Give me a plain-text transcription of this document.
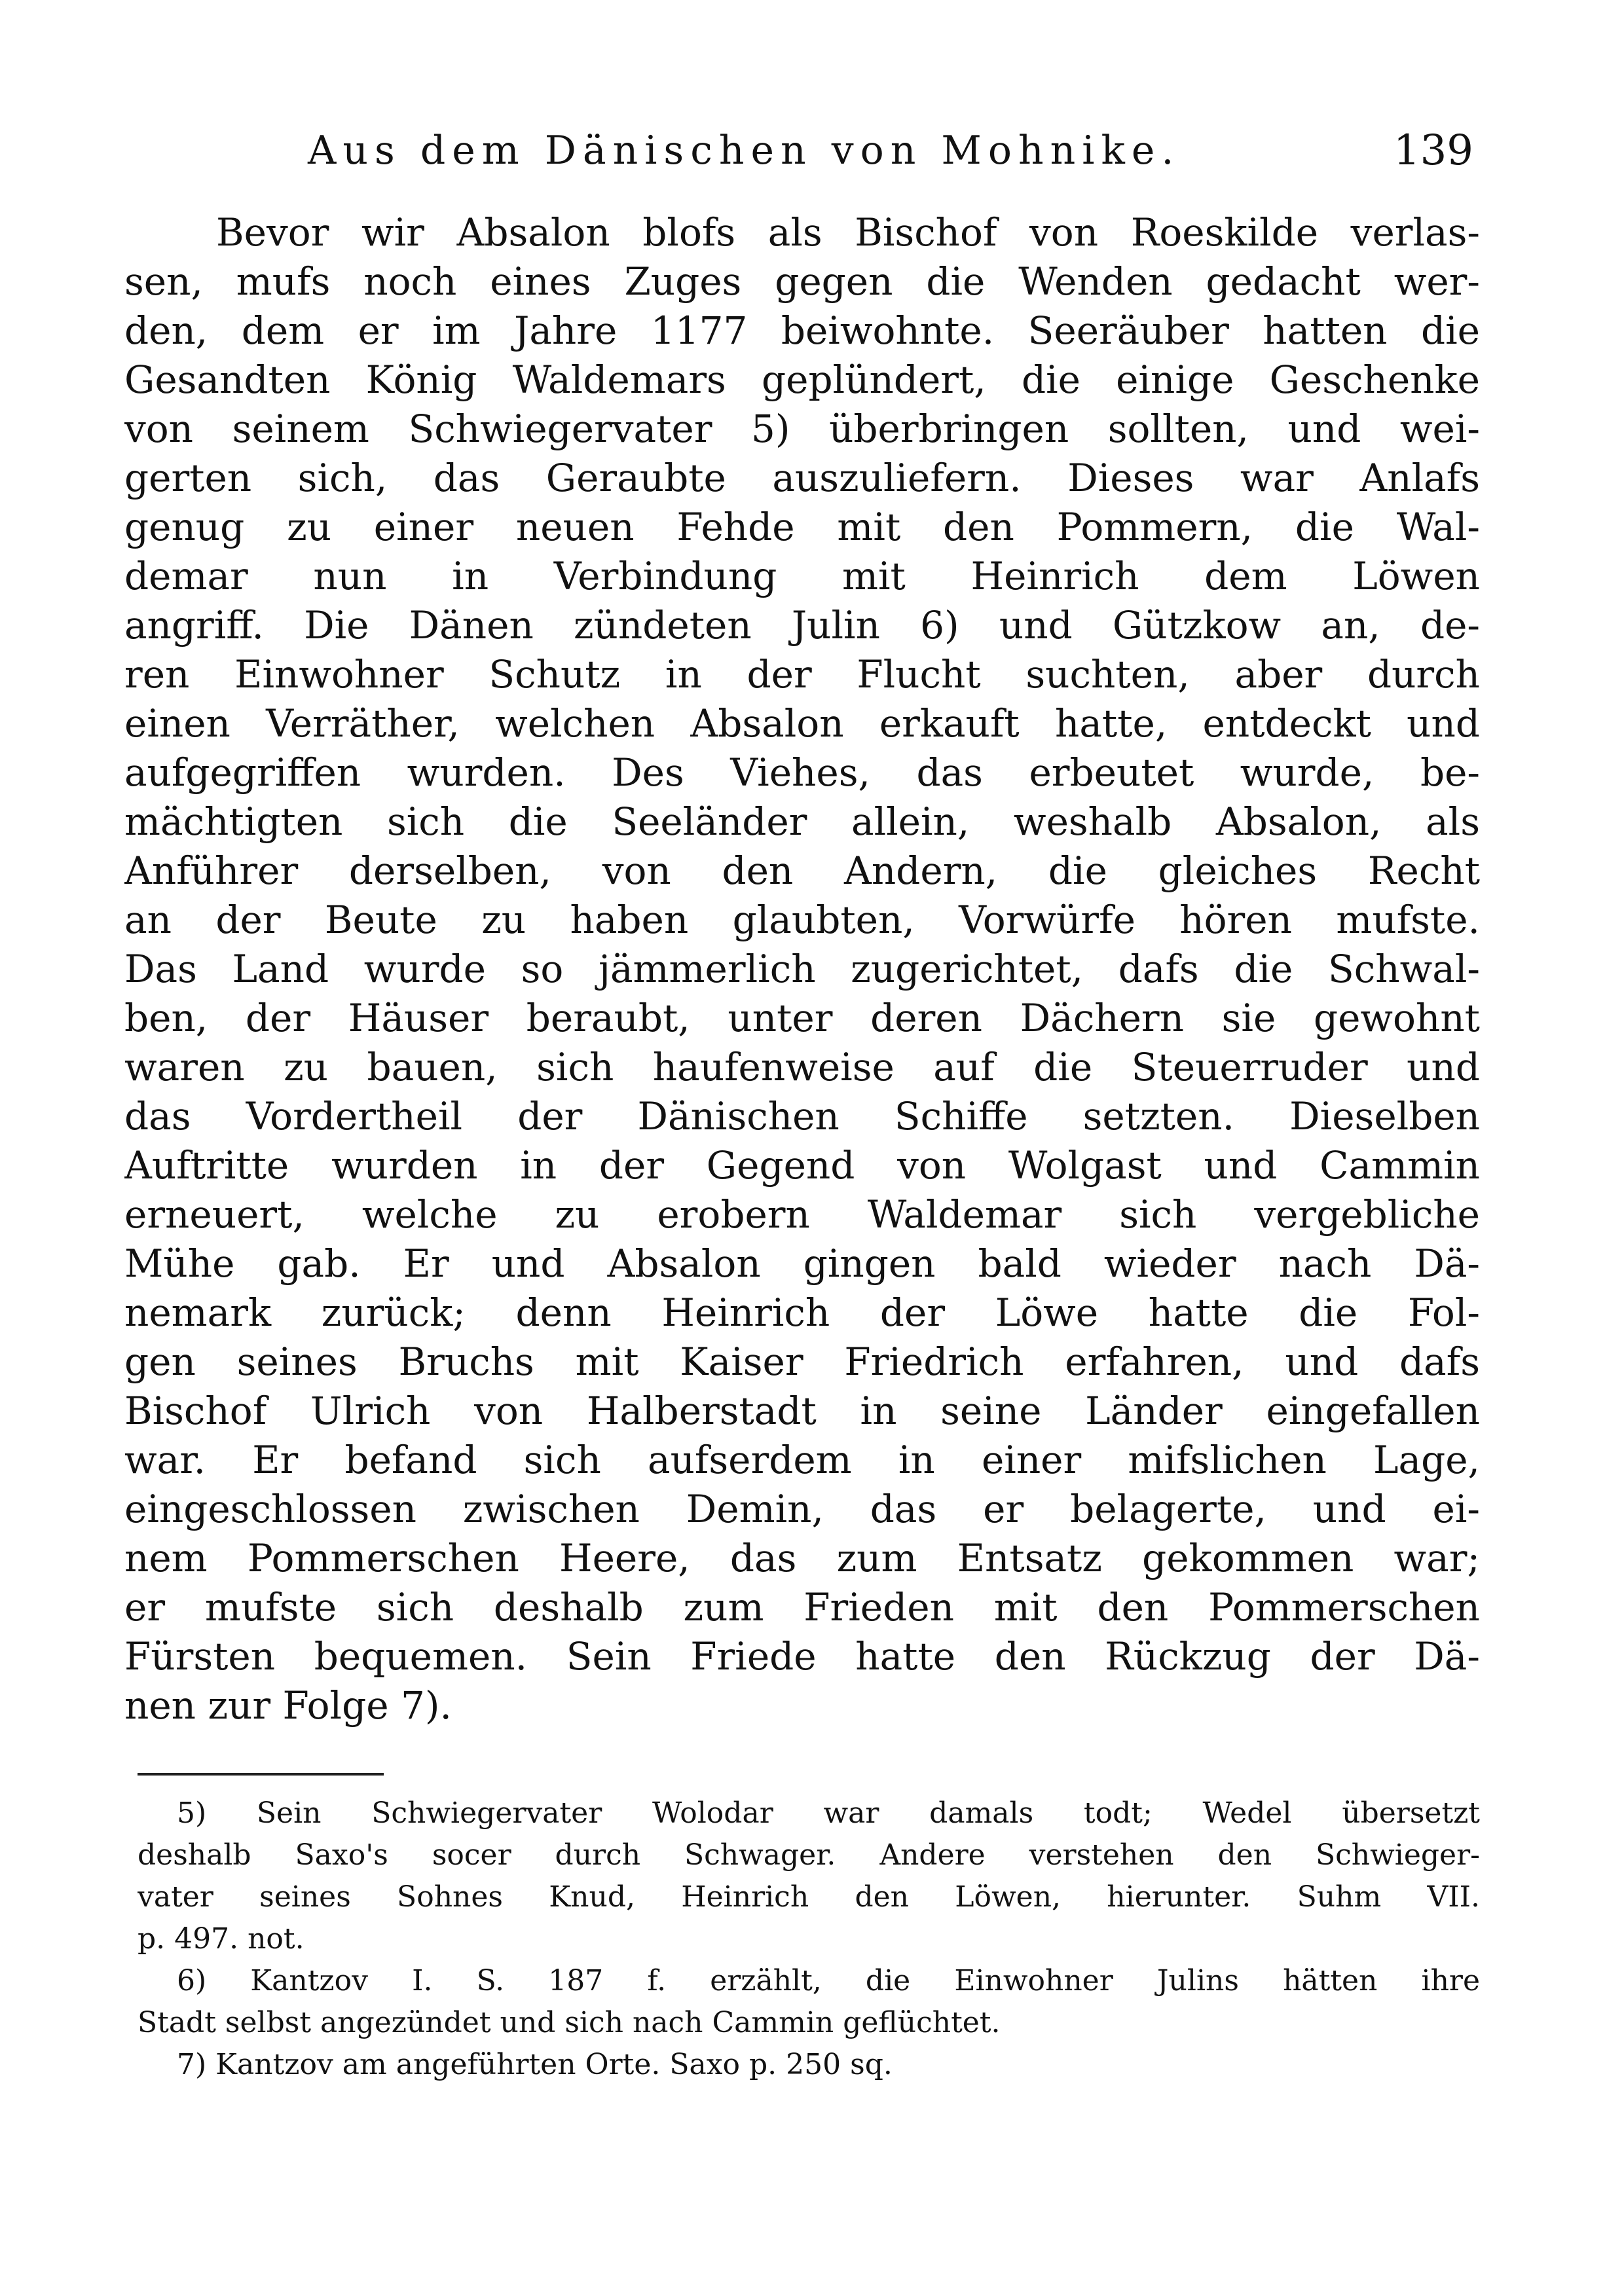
Aus dem Dänischen von Mohnike.	139
Bevor wir Absalon blofs als Bischof von Roeskilde verlas-
sen, mufs noch eines Zuges gegen die Wenden gedacht wer-
den, dem er im Jahre 1177 beiwohnte. Seeräuber hatten die
Gesandten König Waldemars geplündert, die einige Geschenke
von seinem Schwiegervater 5) überbringen sollten, und wei-
gerten sich, das Geraubte auszuliefern. Dieses war Anlafs
genug zu einer neuen Fehde mit den Pommern, die Wal-
demar nun in Verbindung mit Heinrich dem Löwen
angriff. Die Dänen zündeten Julin 6) und Gützkow an, de-
ren Einwohner Schutz in der Flucht suchten, aber durch
einen Verräther, welchen Absalon erkauft hatte, entdeckt und
aufgegriffen wurden. Des Viehes, das erbeutet wurde, be-
mächtigten sich die Seeländer allein, weshalb Absalon, als
Anführer derselben, von den Andern, die gleiches Recht
an der Beute zu haben glaubten, Vorwürfe hören mufste.
Das Land wurde so jämmerlich zugerichtet, dafs die Schwal-
ben, der Häuser beraubt, unter deren Dächern sie gewohnt
waren zu bauen, sich haufenweise auf die Steuerruder und
das Vordertheil der Dänischen Schiffe setzten. Dieselben
Auftritte wurden in der Gegend von Wolgast und Cammin
erneuert, welche zu erobern Waldemar sich vergebliche
Mühe gab. Er und Absalon gingen bald wieder nach Dä-
nemark zurück; denn Heinrich der Löwe hatte die Fol-
gen seines Bruchs mit Kaiser Friedrich erfahren, und dafs
Bischof Ulrich von Halberstadt in seine Länder eingefallen
war. Er befand sich aufserdem in einer mifslichen Lage,
eingeschlossen zwischen Demin, das er belagerte, und ei-
nem Pommerschen Heere, das zum Entsatz gekommen war;
er mufste sich deshalb zum Frieden mit den Pommerschen
Fürsten bequemen. Sein Friede hatte den Rückzug der Dä-
nen zur Folge 7).
5) Sein Schwiegervater Wolodar war damals todt; Wedel übersetzt
deshalb Saxo's socer durch Schwager. Andere verstehen den Schwieger-
vater seines Sohnes Knud, Heinrich den Löwen, hierunter. Suhm VII.
p. 497. not.
6) Kantzov I. S. 187 f. erzählt, die Einwohner Julins hätten ihre
Stadt selbst angezündet und sich nach Cammin geflüchtet.
7) Kantzov am angeführten Orte. Saxo p. 250 sq.
